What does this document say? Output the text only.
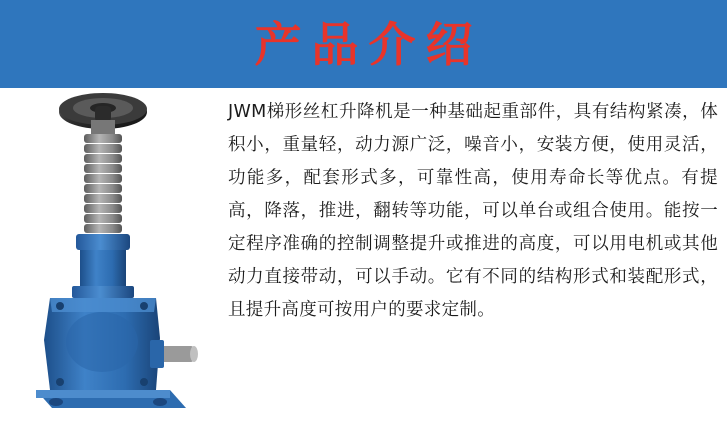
产品介绍
JWM梯形丝杠升降机是一种基础起重部件，具有结构紧凑，体积小，重量轻，动力源广泛，噪音小，安装方便，使用灵活，功能多，配套形式多，可靠性高，使用寿命长等优点。有提高，降落，推进，翻转等功能，可以单台或组合使用。能按一定程序准确的控制调整提升或推进的高度，可以用电机或其他动力直接带动，可以手动。它有不同的结构形式和装配形式，且提升高度可按用户的要求定制。
